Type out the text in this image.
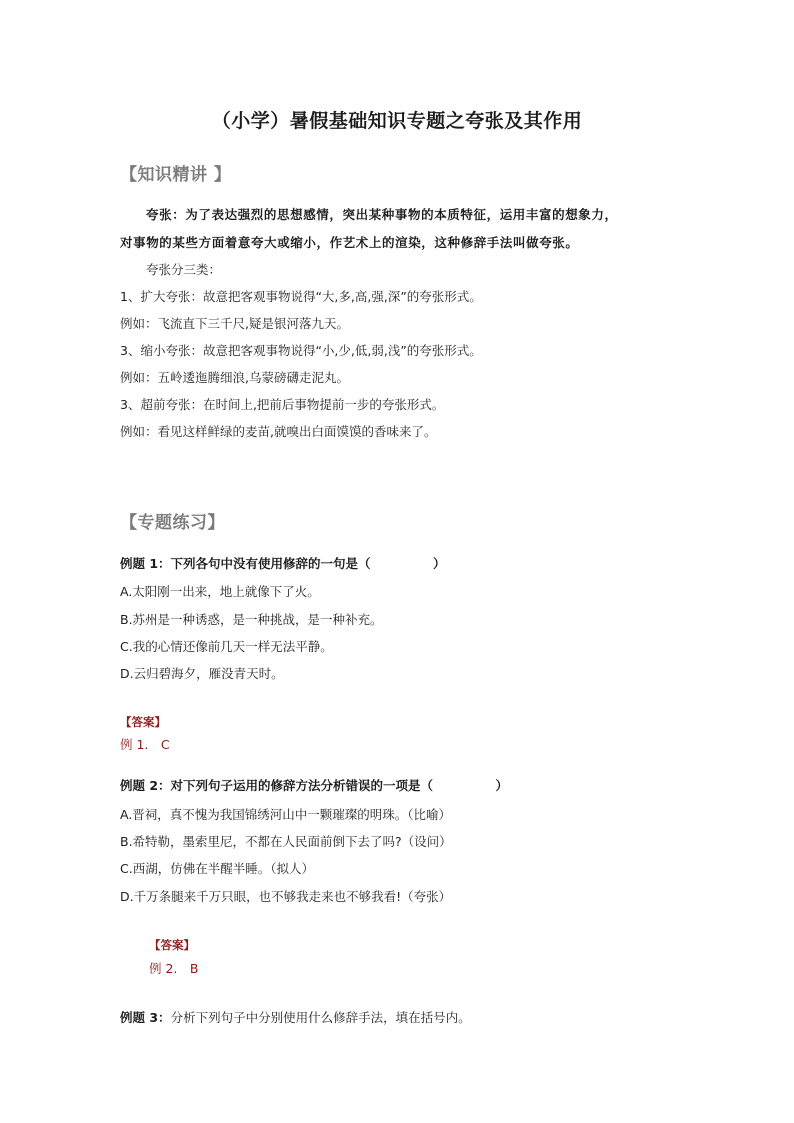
（小学）暑假基础知识专题之夸张及其作用
【知识精讲 】
夸张：为了表达强烈的思想感情，突出某种事物的本质特征，运用丰富的想象力，
对事物的某些方面着意夸大或缩小，作艺术上的渲染，这种修辞手法叫做夸张。
夸张分三类：
1、扩大夸张：故意把客观事物说得“大,多,高,强,深”的夸张形式。
例如：飞流直下三千尺,疑是银河落九天。
3、缩小夸张：故意把客观事物说得“小,少,低,弱,浅”的夸张形式。
例如：五岭逶迤腾细浪,乌蒙磅礴走泥丸。
3、超前夸张：在时间上,把前后事物提前一步的夸张形式。
例如：看见这样鲜绿的麦苗,就嗅出白面馍馍的香味来了。
【专题练习】
例题 1：下列各句中没有使用修辞的一句是（　　　　　）
A.太阳刚一出来，地上就像下了火。
B.苏州是一种诱惑，是一种挑战，是一种补充。
C.我的心情还像前几天一样无法平静。
D.云归碧海夕，雁没青天时。
【答案】
例 1.　C
例题 2：对下列句子运用的修辞方法分析错误的一项是（　　　　　）
A.晋祠，真不愧为我国锦绣河山中一颗璀璨的明珠。（比喻）
B.希特勒，墨索里尼，不都在人民面前倒下去了吗?（设问）
C.西湖，仿佛在半醒半睡。（拟人）
D.千万条腿来千万只眼，也不够我走来也不够我看!（夸张）
【答案】
例 2.　B
例题 3：分析下列句子中分别使用什么修辞手法，填在括号内。
